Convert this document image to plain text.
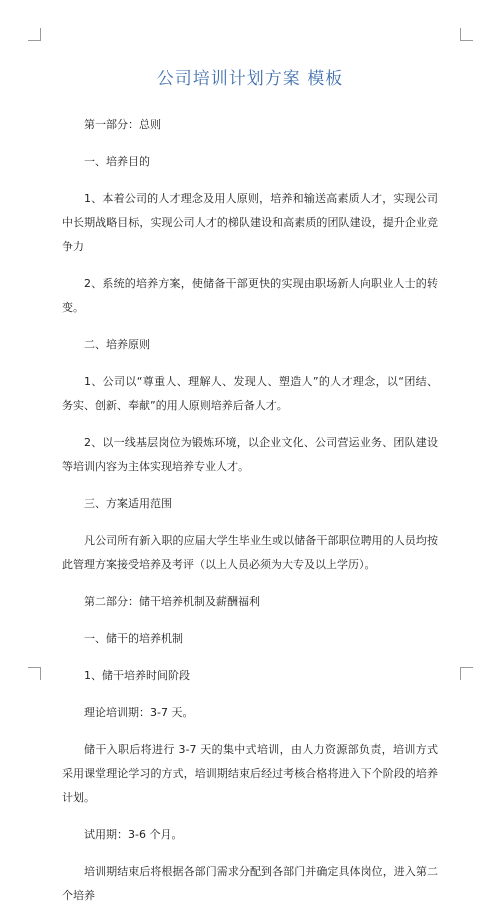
公司培训计划方案 模板

第一部分：总则

一、培养目的

1、本着公司的人才理念及用人原则，培养和输送高素质人才，实现公司中长期战略目标，实现公司人才的梯队建设和高素质的团队建设，提升企业竞争力

2、系统的培养方案，使储备干部更快的实现由职场新人向职业人士的转变。

二、培养原则

1、公司以“尊重人、理解人、发现人、塑造人”的人才理念，以“团结、务实、创新、奉献”的用人原则培养后备人才。

2、以一线基层岗位为锻炼环境，以企业文化、公司营运业务、团队建设等培训内容为主体实现培养专业人才。

三、方案适用范围

凡公司所有新入职的应届大学生毕业生或以储备干部职位聘用的人员均按此管理方案接受培养及考评（以上人员必须为大专及以上学历）。

第二部分：储干培养机制及薪酬福利

一、储干的培养机制

1、储干培养时间阶段

理论培训期：3-7 天。

储干入职后将进行 3-7 天的集中式培训，由人力资源部负责，培训方式采用课堂理论学习的方式，培训期结束后经过考核合格将进入下个阶段的培养计划。

试用期：3-6 个月。

培训期结束后将根据各部门需求分配到各部门并确定具体岗位，进入第二个培养
